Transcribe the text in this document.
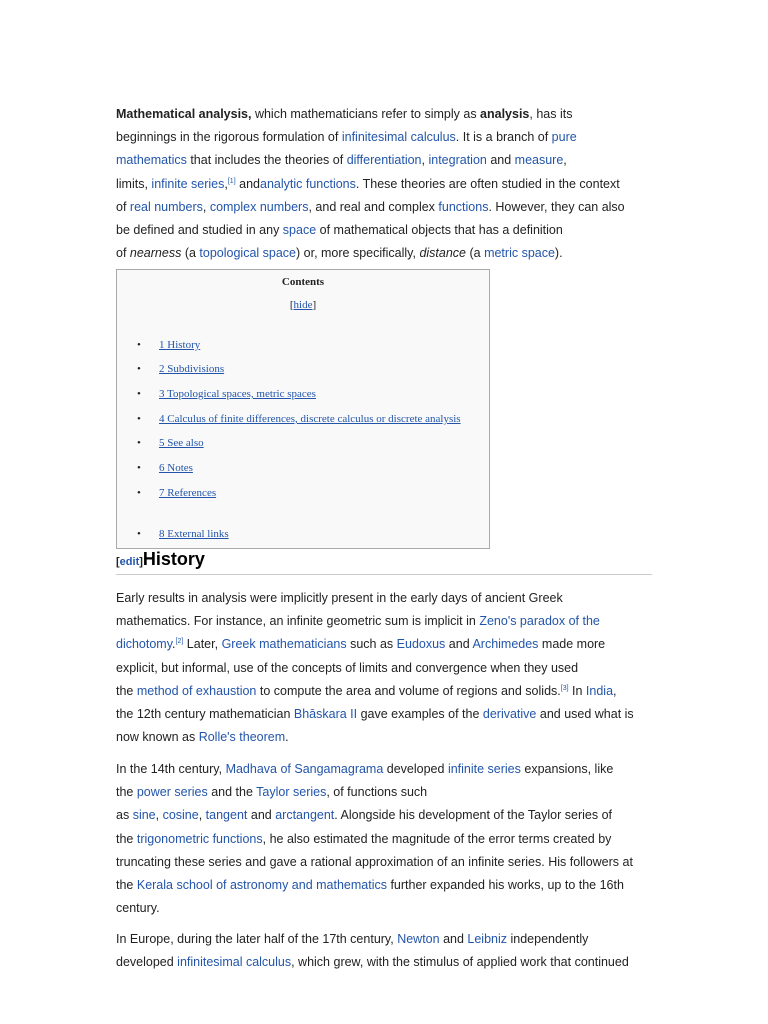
Mathematical analysis, which mathematicians refer to simply as analysis, has its
beginnings in the rigorous formulation of infinitesimal calculus. It is a branch of pure
mathematics that includes the theories of differentiation, integration and measure,
limits, infinite series,[1] andanalytic functions. These theories are often studied in the context
of real numbers, complex numbers, and real and complex functions. However, they can also
be defined and studied in any space of mathematical objects that has a definition
of nearness (a topological space) or, more specifically, distance (a metric space).

Contents
[hide]
• 1 History
• 2 Subdivisions
• 3 Topological spaces, metric spaces
• 4 Calculus of finite differences, discrete calculus or discrete analysis
• 5 See also
• 6 Notes
• 7 References
• 8 External links
[edit]History

Early results in analysis were implicitly present in the early days of ancient Greek
mathematics. For instance, an infinite geometric sum is implicit in Zeno's paradox of the
dichotomy.[2] Later, Greek mathematicians such as Eudoxus and Archimedes made more
explicit, but informal, use of the concepts of limits and convergence when they used
the method of exhaustion to compute the area and volume of regions and solids.[3] In India,
the 12th century mathematician Bhāskara II gave examples of the derivative and used what is
now known as Rolle's theorem.

In the 14th century, Madhava of Sangamagrama developed infinite series expansions, like
the power series and the Taylor series, of functions such
as sine, cosine, tangent and arctangent. Alongside his development of the Taylor series of
the trigonometric functions, he also estimated the magnitude of the error terms created by
truncating these series and gave a rational approximation of an infinite series. His followers at
the Kerala school of astronomy and mathematics further expanded his works, up to the 16th
century.

In Europe, during the later half of the 17th century, Newton and Leibniz independently
developed infinitesimal calculus, which grew, with the stimulus of applied work that continued
